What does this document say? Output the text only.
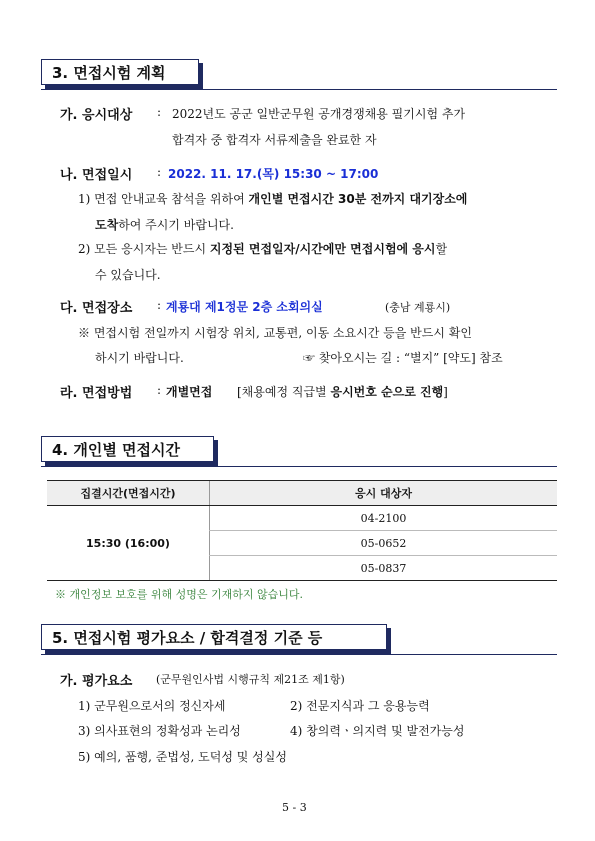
3. 면접시험 계획
가. 응시대상 : 2022년도 공군 일반군무원 공개경쟁채용 필기시험 추가
합격자 중 합격자 서류제출을 완료한 자
나. 면접일시 : 2022. 11. 17.(목) 15:30 ~ 17:00
1) 면접 안내교육 참석을 위하여 개인별 면접시간 30분 전까지 대기장소에
도착하여 주시기 바랍니다.
2) 모든 응시자는 반드시 지정된 면접일자/시간에만 면접시험에 응시할
수 있습니다.
다. 면접장소 : 계룡대 제1정문 2층 소회의실	(충남 계룡시)
※ 면접시험 전일까지 시험장 위치, 교통편, 이동 소요시간 등을 반드시 확인
하시기 바랍니다.	☞ 찾아오시는 길 : “별지” [약도] 참조
라. 면접방법 : 개별면접 [채용예정 직급별 응시번호 순으로 진행]
4. 개인별 면접시간
집결시간(면접시간)	응시 대상자
15:30 (16:00)	04-2100
	05-0652
	05-0837
※ 개인정보 보호를 위해 성명은 기재하지 않습니다.
5. 면접시험 평가요소 / 합격결정 기준 등
가. 평가요소 (군무원인사법 시행규칙 제21조 제1항)
1) 군무원으로서의 정신자세	2) 전문지식과 그 응용능력
3) 의사표현의 정확성과 논리성	4) 창의력ㆍ의지력 및 발전가능성
5) 예의, 품행, 준법성, 도덕성 및 성실성
5 - 3
